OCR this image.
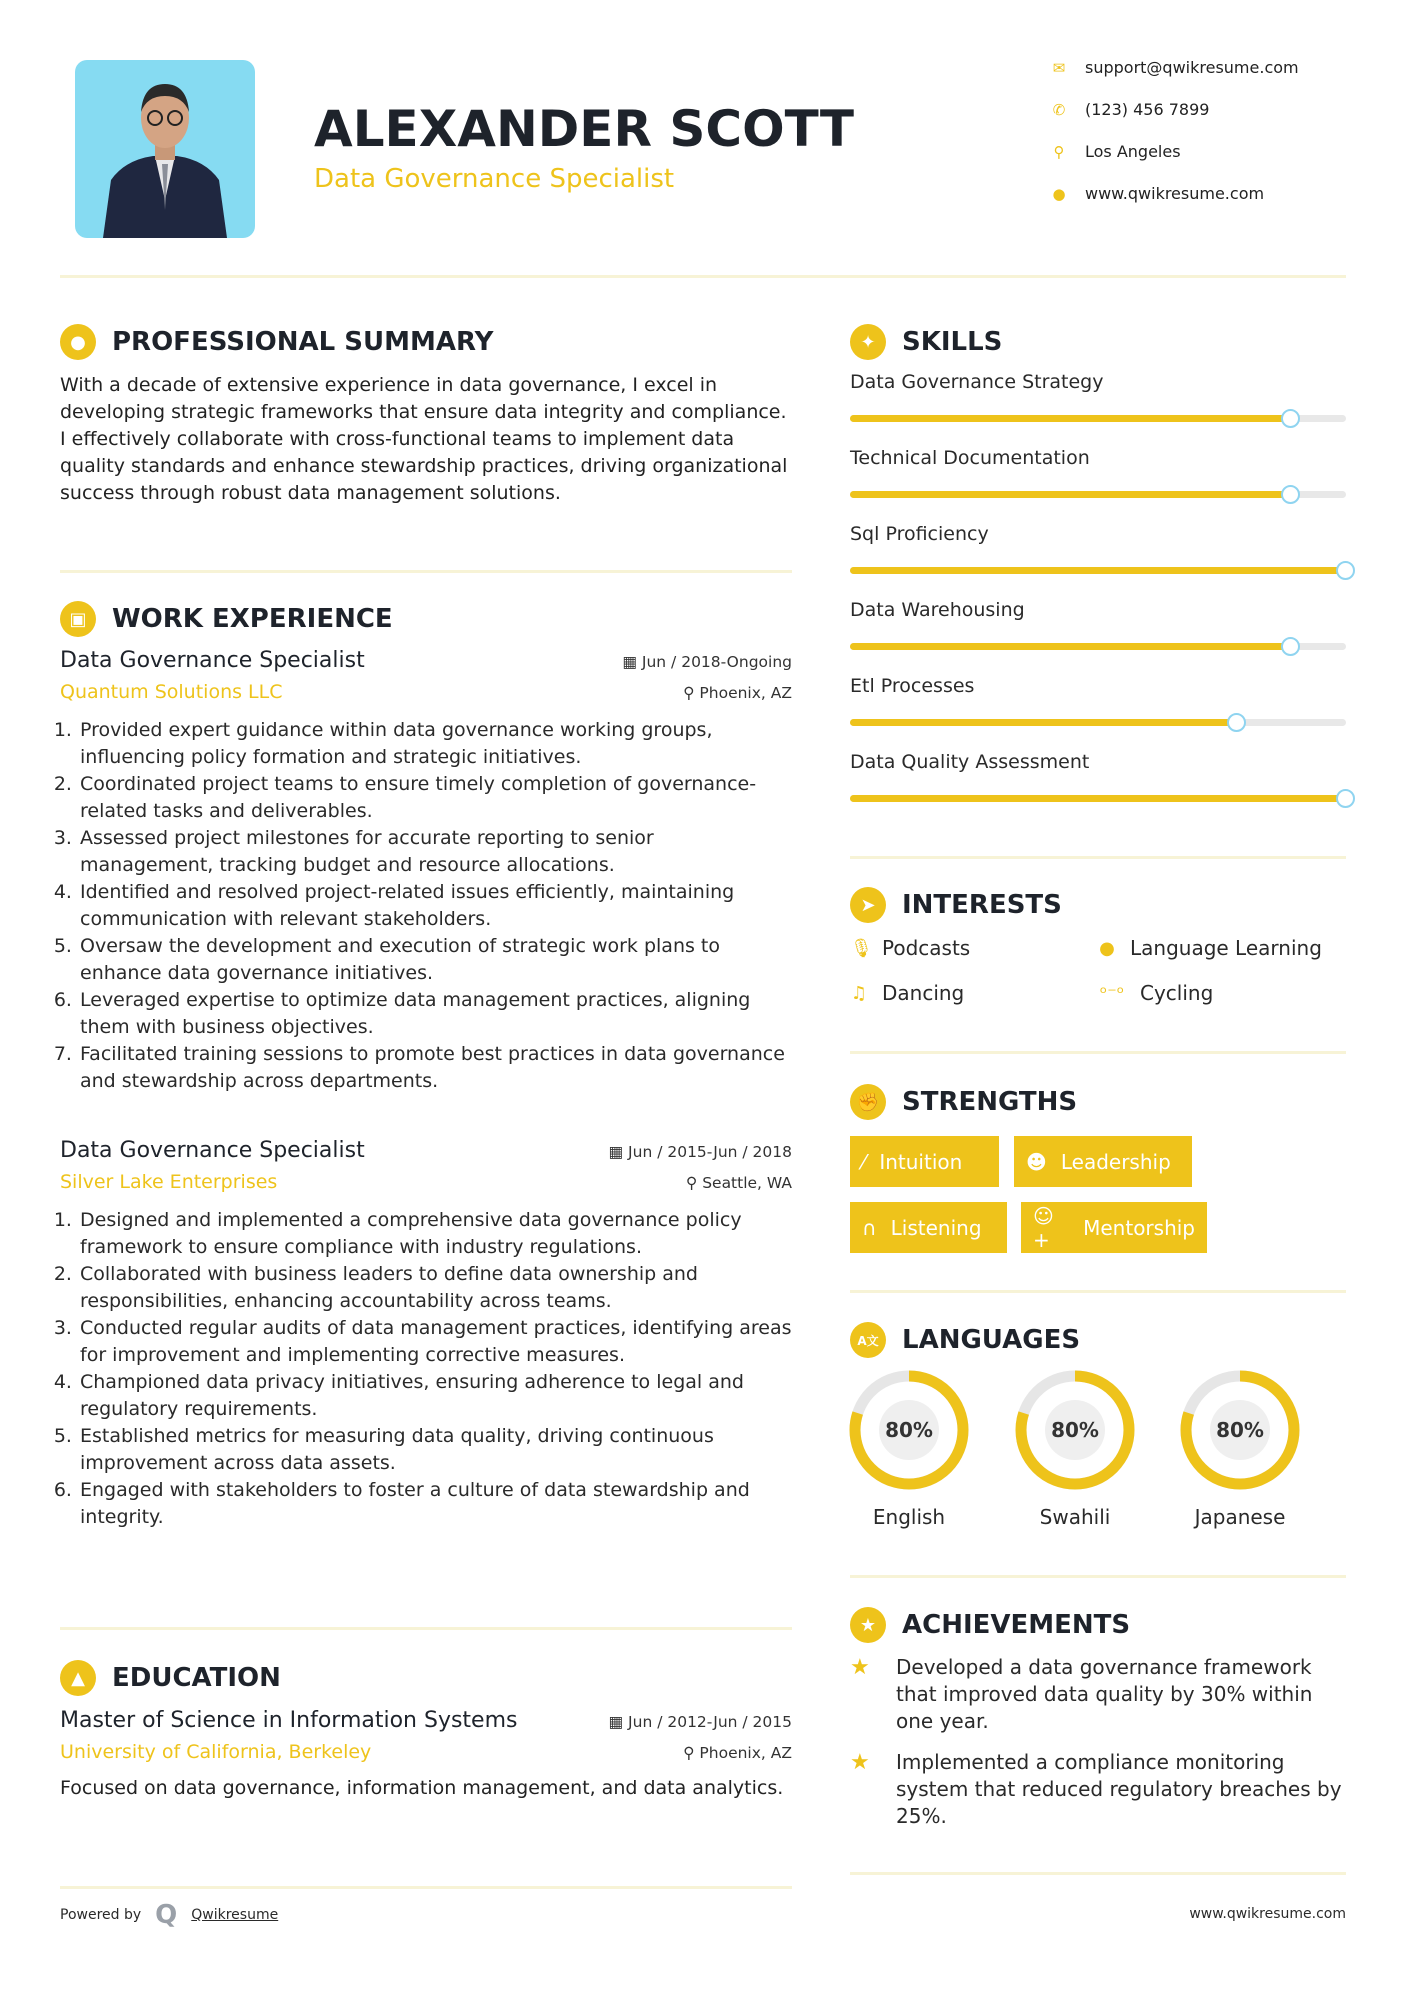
ALEXANDER SCOTT
Data Governance Specialist
✉ support@qwikresume.com
✆ (123) 456 7899
⚲ Los Angeles
● www.qwikresume.com
●	PROFESSIONAL SUMMARY

With a decade of extensive experience in data governance, I excel in developing strategic frameworks that ensure data integrity and compliance. I effectively collaborate with cross-functional teams to implement data quality standards and enhance stewardship practices, driving organizational success through robust data management solutions.

▣ WORK EXPERIENCE
Data Governance Specialist	▦ Jun / 2018-Ongoing
Quantum Solutions LLC	⚲ Phoenix, AZ
1. Provided expert guidance within data governance working groups, influencing policy formation and strategic initiatives.
2. Coordinated project teams to ensure timely completion of governance-related tasks and deliverables.
3. Assessed project milestones for accurate reporting to senior management, tracking budget and resource allocations.
4. Identified and resolved project-related issues efficiently, maintaining communication with relevant stakeholders.
5. Oversaw the development and execution of strategic work plans to enhance data governance initiatives.
6. Leveraged expertise to optimize data management practices, aligning them with business objectives.
7. Facilitated training sessions to promote best practices in data governance and stewardship across departments.
Data Governance Specialist	▦ Jun / 2015-Jun / 2018
Silver Lake Enterprises	⚲ Seattle, WA
1. Designed and implemented a comprehensive data governance policy framework to ensure compliance with industry regulations.
2. Collaborated with business leaders to define data ownership and responsibilities, enhancing accountability across teams.
3. Conducted regular audits of data management practices, identifying areas for improvement and implementing corrective measures.
4. Championed data privacy initiatives, ensuring adherence to legal and regulatory requirements.
5. Established metrics for measuring data quality, driving continuous improvement across data assets.
6. Engaged with stakeholders to foster a culture of data stewardship and integrity.
▲	EDUCATION
Master of Science in Information Systems	▦ Jun / 2012-Jun / 2015
University of California, Berkeley	⚲ Phoenix, AZ

Focused on data governance, information management, and data analytics.

Powered by Q Qwikresume	www.qwikresume.com
✦	SKILLS
Data Governance Strategy
Technical Documentation
Sql Proficiency
Data Warehousing
Etl Processes
Data Quality Assessment
➤	INTERESTS
🎙︎ Podcasts	● Language Learning
♫ Dancing	ᵒ⁻ᵒ Cycling
✊ STRENGTHS
⁄ Intuition	☻ Leadership
∩ Listening	☺+	Mentorship
A文 LANGUAGES
80%
English
80%
Swahili
80%
Japanese
★ ACHIEVEMENTS
★	Developed a data governance framework that improved data quality by 30% within one year.
★	Implemented a compliance monitoring system that reduced regulatory breaches by 25%.
